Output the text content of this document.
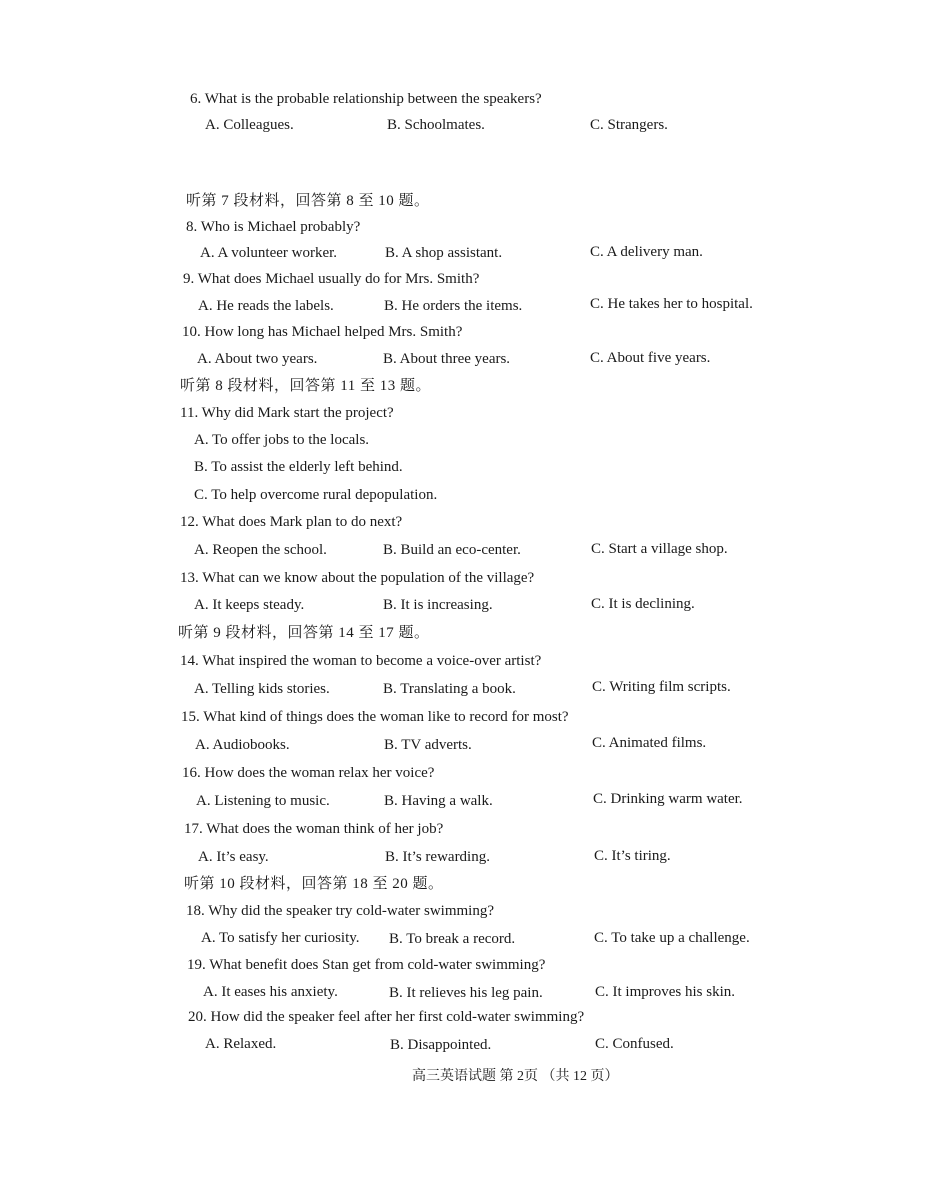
6. What is the probable relationship between the speakers?
A. Colleagues.	B. Schoolmates.	C. Strangers.
听第 7 段材料，回答第 8 至 10 题。
8. Who is Michael probably?
A. A volunteer worker.	B. A shop assistant.	C. A delivery man.
9. What does Michael usually do for Mrs. Smith?
A. He reads the labels.	B. He orders the items.	C. He takes her to hospital.
10. How long has Michael helped Mrs. Smith?
A. About two years.	B. About three years.	C. About five years.
听第 8 段材料，回答第 11 至 13 题。
11. Why did Mark start the project?
A. To offer jobs to the locals.
B. To assist the elderly left behind.
C. To help overcome rural depopulation.
12. What does Mark plan to do next?
A. Reopen the school.	B. Build an eco-center.	C. Start a village shop.
13. What can we know about the population of the village?
A. It keeps steady.	B. It is increasing.	C. It is declining.
听第 9 段材料，回答第 14 至 17 题。
14. What inspired the woman to become a voice-over artist?
A. Telling kids stories.	B. Translating a book.	C. Writing film scripts.
15. What kind of things does the woman like to record for most?
A. Audiobooks.	B. TV adverts.	C. Animated films.
16. How does the woman relax her voice?
A. Listening to music.	B. Having a walk.	C. Drinking warm water.
17. What does the woman think of her job?
A. It’s easy.	B. It’s rewarding.	C. It’s tiring.
听第 10 段材料，回答第 18 至 20 题。
18. Why did the speaker try cold-water swimming?
A. To satisfy her curiosity. B. To break a record.	C. To take up a challenge.
19. What benefit does Stan get from cold-water swimming?
A. It eases his anxiety.	B. It relieves his leg pain.	C. It improves his skin.
20. How did the speaker feel after her first cold-water swimming?
A. Relaxed.	B. Disappointed.	C. Confused.
高三英语试题 第 2页 （共 12 页）
